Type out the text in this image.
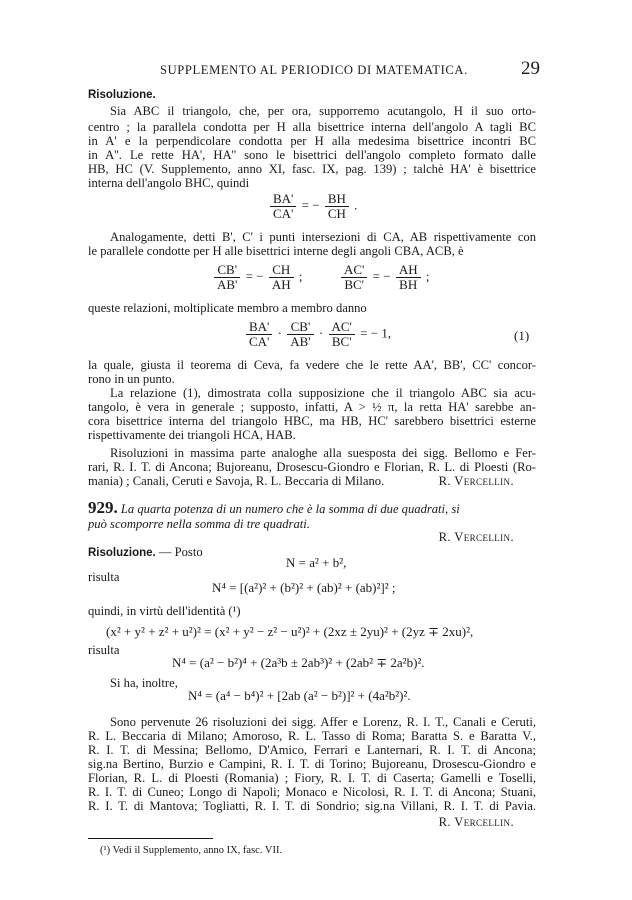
SUPPLEMENTO AL PERIODICO DI MATEMATICA.	29
Risoluzione.
Sia ABC il triangolo, che, per ora, supporremo acutangolo, H il suo orto-
centro ; la parallela condotta per H alla bisettrice interna dell'angolo A tagli BC
in A' e la perpendicolare condotta per H alla medesima bisettrice incontri BC
in A''. Le rette HA', HA'' sono le bisettrici dell'angolo completo formato dalle
HB, HC (V. Supplemento, anno XI, fasc. IX, pag. 139) ; talchè HA' è bisettrice
interna dell'angolo BHC, quindi
$\frac{BA'}{CA'}$ = − $\frac{BH}{CH}$ .
Analogamente, detti B', C' i punti intersezioni di CA, AB rispettivamente con
le parallele condotte per H alle bisettrici interne degli angoli CBA, ACB, è
$\frac{CB'}{AB'}$ = − $\frac{CH}{AH}$ ;	$\frac{AC'}{BC'}$ = − $\frac{AH}{BH}$ ;
queste relazioni, moltiplicate membro a membro danno
$\frac{BA'}{CA'} \cdot \frac{CB'}{AB'} \cdot \frac{AC'}{BC'}$ = − 1,	(1)
la quale, giusta il teorema di Ceva, fa vedere che le rette AA', BB', CC' concor-
rono in un punto.
La relazione (1), dimostrata colla supposizione che il triangolo ABC sia acu-
tangolo, è vera in generale ; supposto, infatti, A > ½ π, la retta HA' sarebbe an-
cora bisettrice interna del triangolo HBC, ma HB, HC' sarebbero bisettrici esterne
rispettivamente dei triangoli HCA, HAB.
Risoluzioni in massima parte analoghe alla suesposta dei sigg. Bellomo e Fer-
rari, R. I. T. di Ancona; Bujoreanu, Drosescu-Giondro e Florian, R. L. di Ploesti (Ro-
mania) ; Canali, Ceruti e Savoja, R. L. Beccaria di Milano.	R. Vercellin.
929. La quarta potenza di un numero che è la somma di due quadrati, si
può scomporre nella somma di tre quadrati.
R. Vercellin.
Risoluzione. — Posto
N = a² + b²,
risulta
N⁴ = [(a²)² + (b²)² + (ab)² + (ab)²]² ;
quindi, in virtù dell'identità (¹)
(x² + y² + z² + u²)² = (x² + y² − z² − u²)² + (2xz ± 2yu)² + (2yz ∓ 2xu)²,
risulta
N⁴ = (a² − b²)⁴ + (2a³b ± 2ab³)² + (2ab² ∓ 2a²b)².
Si ha, inoltre,
N⁴ = (a⁴ − b⁴)² + [2ab (a² − b²)]² + (4a²b²)².
Sono pervenute 26 risoluzioni dei sigg. Affer e Lorenz, R. I. T., Canali e Ceruti,
R. L. Beccaria di Milano; Amoroso, R. L. Tasso di Roma; Baratta S. e Baratta V.,
R. I. T. di Messina; Bellomo, D'Amico, Ferrari e Lanternari, R. I. T. di Ancona;
sig.na Bertino, Burzio e Campini, R. I. T. di Torino; Bujoreanu, Drosescu-Giondro e
Florian, R. L. di Ploesti (Romania) ; Fiory, R. I. T. di Caserta; Gamelli e Toselli,
R. I. T. di Cuneo; Longo di Napoli; Monaco e Nicolosi, R. I. T. di Ancona; Stuani,
R. I. T. di Mantova; Togliatti, R. I. T. di Sondrio; sig.na Villani, R. I. T. di Pavia.
R. Vercellin.
(¹) Vedi il Supplemento, anno IX, fasc. VII.
